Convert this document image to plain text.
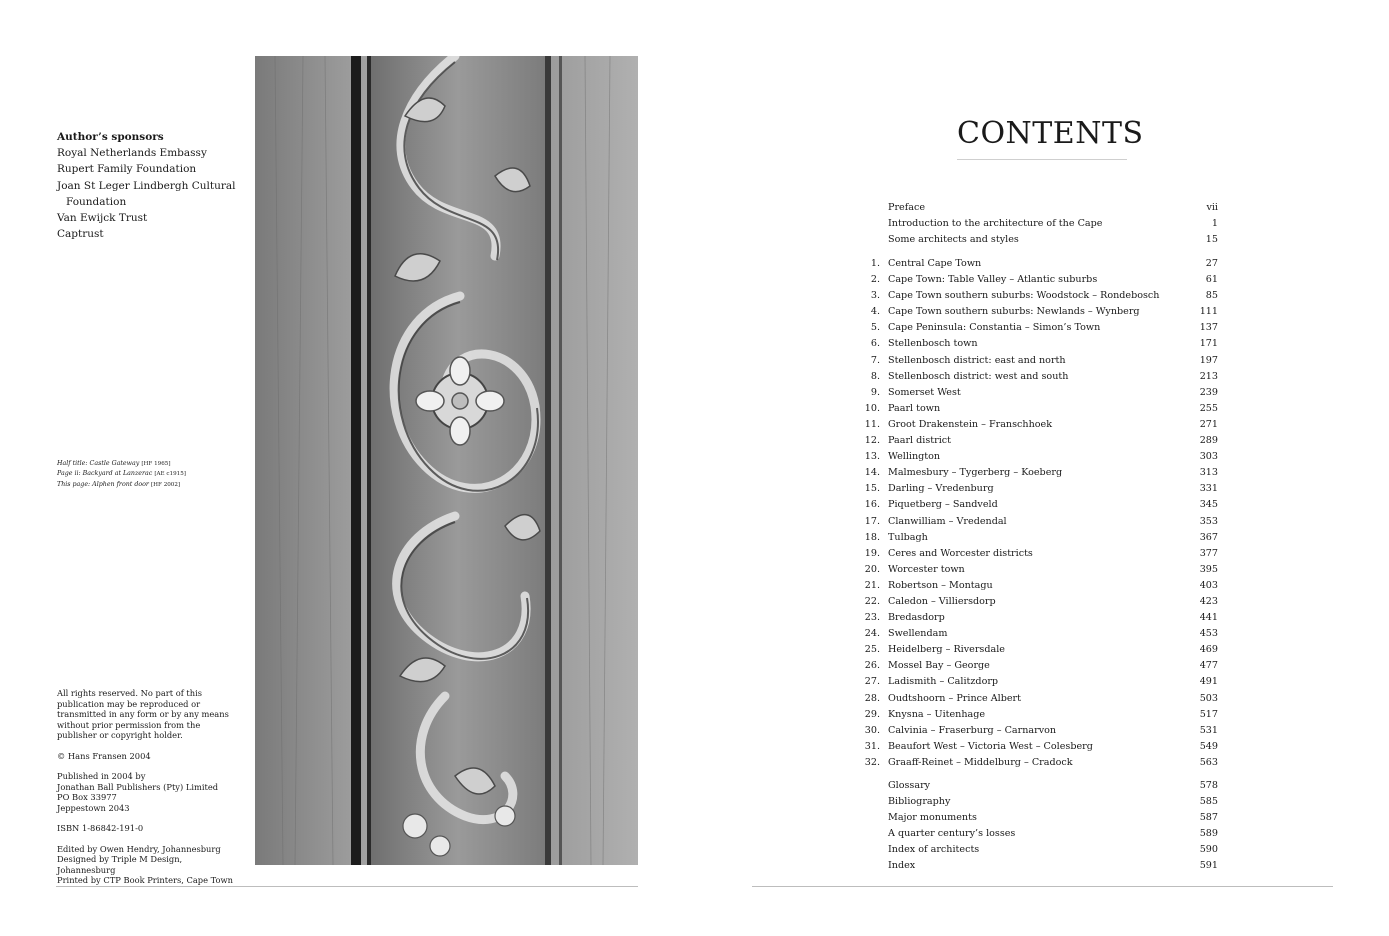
Author’s sponsors
Royal Netherlands Embassy
Rupert Family Foundation
Joan St Leger Lindbergh Cultural Foundation
Van Ewijck Trust
Captrust
Half title: Castle Gateway [HF 1965]
Page ii: Backyard at Lanzerac [AE c1915]
This page: Alphen front door [HF 2002]

All rights reserved. No part of this publication may be reproduced or transmitted in any form or by any means without prior permission from the publisher or copyright holder.

© Hans Fransen 2004

Published in 2004 by
Jonathan Ball Publishers (Pty) Limited
PO Box 33977
Jeppestown 2043

ISBN 1-86842-191-0

Edited by Owen Hendry, Johannesburg
Designed by Triple M Design, Johannesburg
Printed by CTP Book Printers, Cape Town

CONTENTS
Preface	vii
Introduction to the architecture of the Cape	1
Some architects and styles	15
1. Central Cape Town	27
2. Cape Town: Table Valley – Atlantic suburbs	61
3. Cape Town southern suburbs: Woodstock – Rondebosch	85
4. Cape Town southern suburbs: Newlands – Wynberg	111
5. Cape Peninsula: Constantia – Simon’s Town	137
6. Stellenbosch town	171
7. Stellenbosch district: east and north	197
8. Stellenbosch district: west and south	213
9. Somerset West	239
10. Paarl town	255
11. Groot Drakenstein – Franschhoek	271
12. Paarl district	289
13. Wellington	303
14. Malmesbury – Tygerberg – Koeberg	313
15. Darling – Vredenburg	331
16. Piquetberg – Sandveld	345
17. Clanwilliam – Vredendal	353
18. Tulbagh	367
19. Ceres and Worcester districts	377
20. Worcester town	395
21. Robertson – Montagu	403
22. Caledon – Villiersdorp	423
23. Bredasdorp	441
24. Swellendam	453
25. Heidelberg – Riversdale	469
26. Mossel Bay – George	477
27. Ladismith – Calitzdorp	491
28. Oudtshoorn – Prince Albert	503
29. Knysna – Uitenhage	517
30. Calvinia – Fraserburg – Carnarvon	531
31. Beaufort West – Victoria West – Colesberg	549
32. Graaff-Reinet – Middelburg – Cradock	563
Glossary	578
Bibliography	585
Major monuments	587
A quarter century’s losses	589
Index of architects	590
Index	591
